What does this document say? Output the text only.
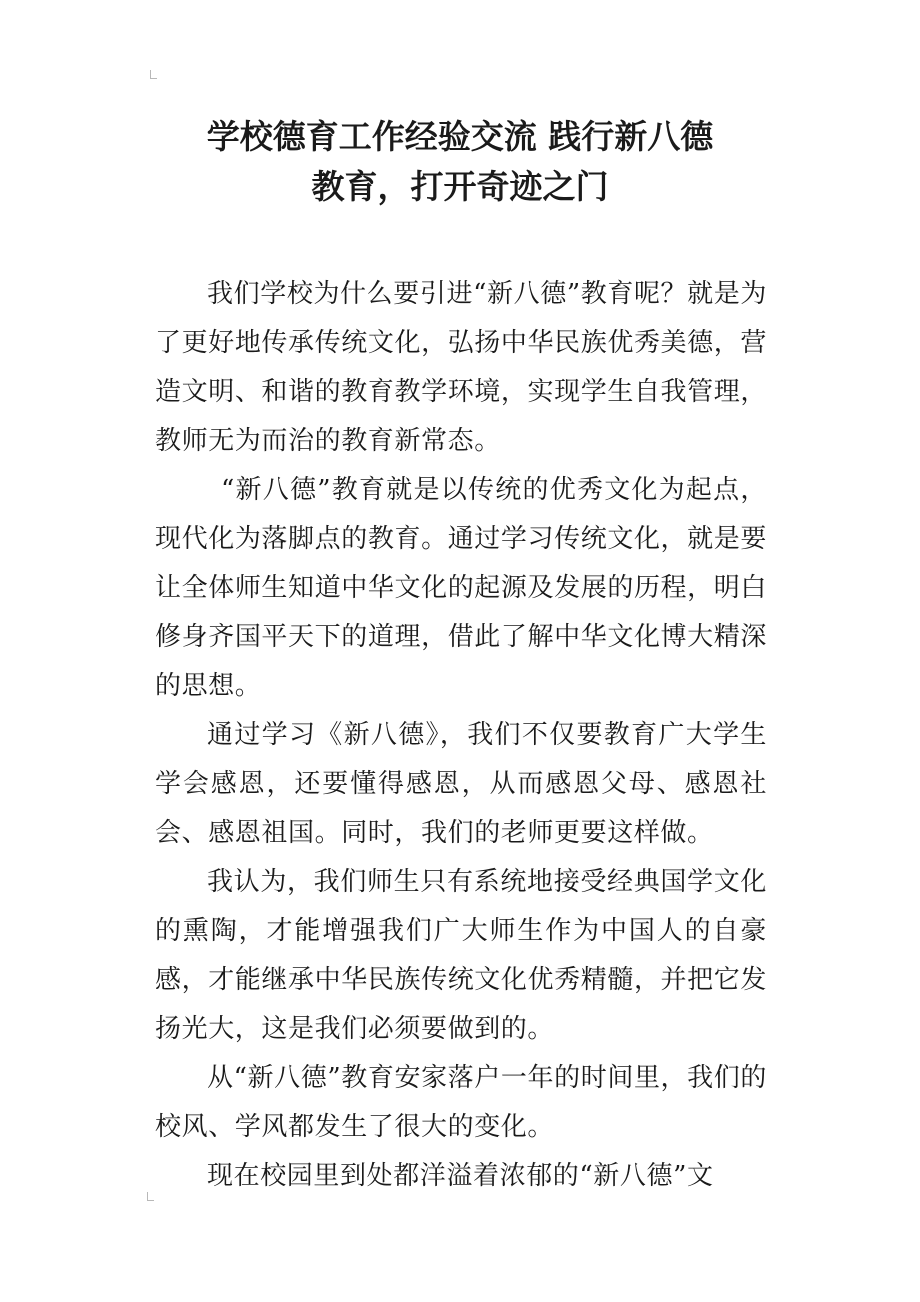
学校德育工作经验交流 践行新八德
教育，打开奇迹之门

我们学校为什么要引进“新八德”教育呢？就是为了更好地传承传统文化，弘扬中华民族优秀美德，营造文明、和谐的教育教学环境，实现学生自我管理，教师无为而治的教育新常态。

“新八德”教育就是以传统的优秀文化为起点，现代化为落脚点的教育。通过学习传统文化，就是要让全体师生知道中华文化的起源及发展的历程，明白修身齐国平天下的道理，借此了解中华文化博大精深的思想。

通过学习《新八德》，我们不仅要教育广大学生学会感恩，还要懂得感恩，从而感恩父母、感恩社会、感恩祖国。同时，我们的老师更要这样做。

我认为，我们师生只有系统地接受经典国学文化的熏陶，才能增强我们广大师生作为中国人的自豪感，才能继承中华民族传统文化优秀精髓，并把它发扬光大，这是我们必须要做到的。

从“新八德”教育安家落户一年的时间里，我们的校风、学风都发生了很大的变化。

现在校园里到处都洋溢着浓郁的“新八德”文
